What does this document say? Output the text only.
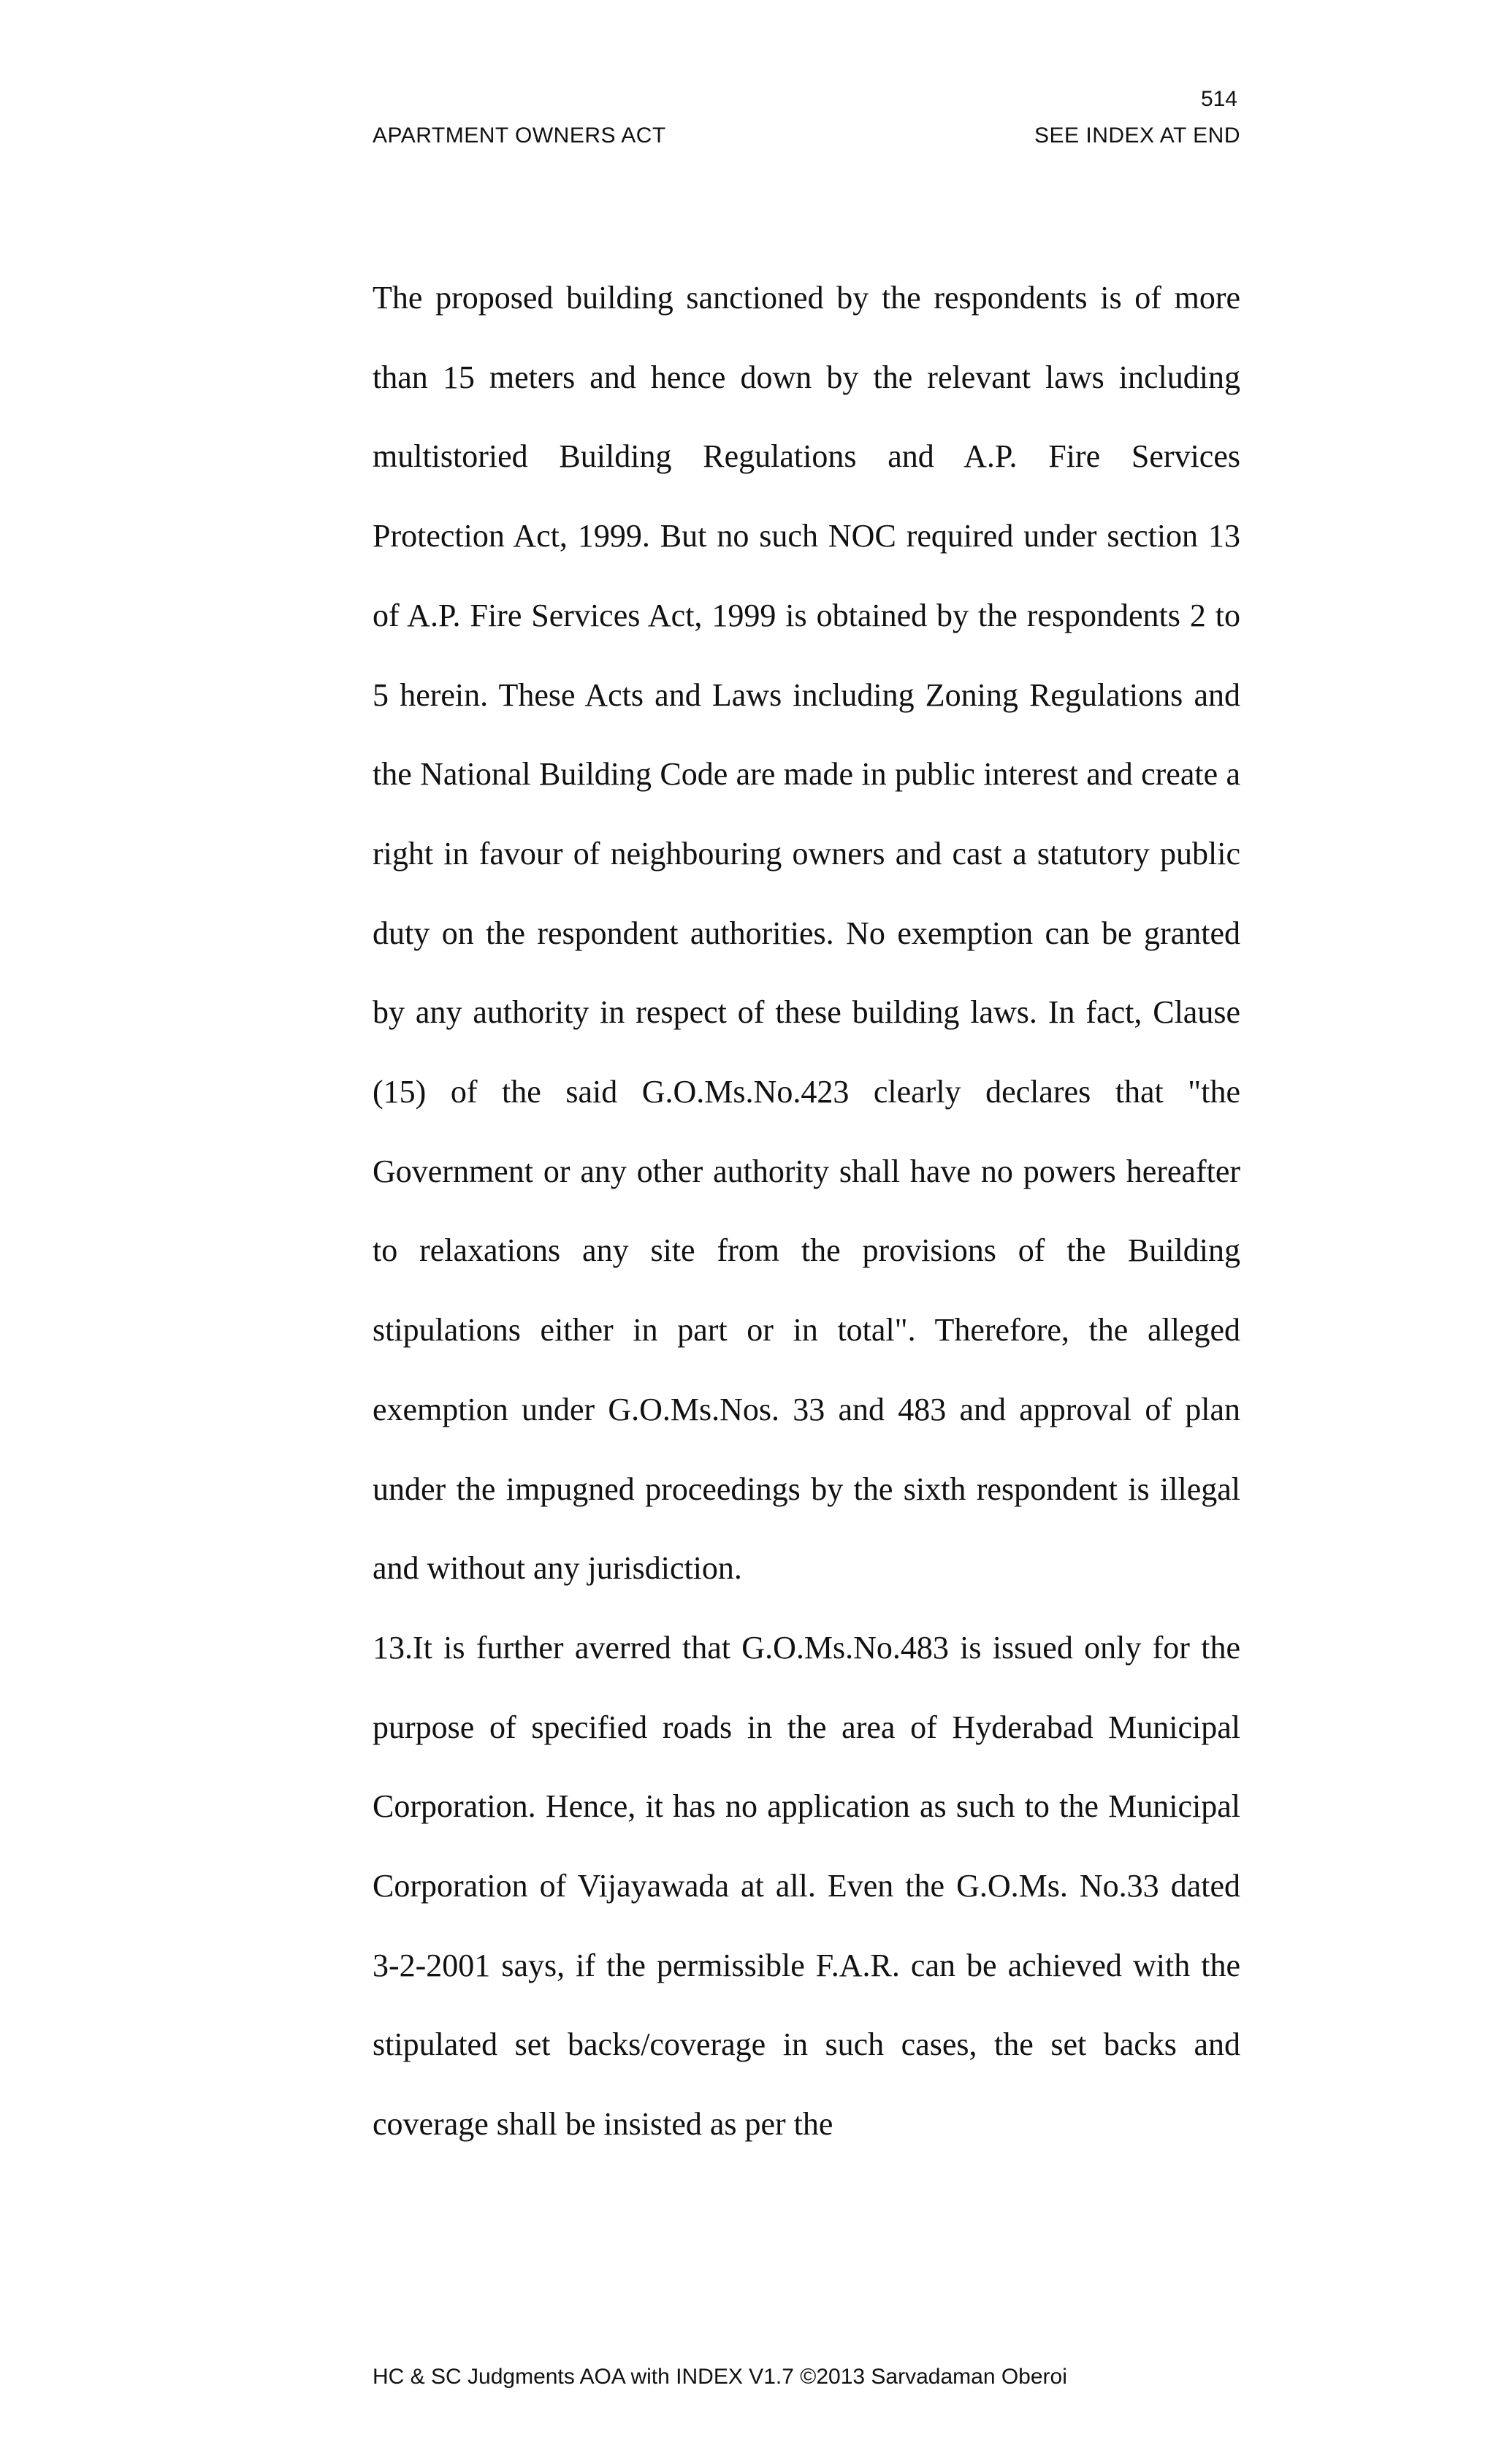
514
APARTMENT OWNERS ACT	SEE INDEX AT END

The proposed building sanctioned by the respondents is of more than 15 meters and hence down by the relevant laws including multistoried Building Regulations and A.P. Fire Services Protection Act, 1999. But no such NOC required under section 13 of A.P. Fire Services Act, 1999 is obtained by the respondents 2 to 5 herein. These Acts and Laws including Zoning Regulations and the National Building Code are made in public interest and create a right in favour of neighbouring owners and cast a statutory public duty on the respondent authorities. No exemption can be granted by any authority in respect of these building laws. In fact, Clause (15) of the said G.O.Ms.No.423 clearly declares that "the Government or any other authority shall have no powers hereafter to relaxations any site from the provisions of the Building stipulations either in part or in total". Therefore, the alleged exemption under G.O.Ms.Nos. 33 and 483 and approval of plan under the impugned proceedings by the sixth respondent is illegal and without any jurisdiction.

13.It is further averred that G.O.Ms.No.483 is issued only for the purpose of specified roads in the area of Hyderabad Municipal Corporation. Hence, it has no application as such to the Municipal Corporation of Vijayawada at all. Even the G.O.Ms. No.33 dated 3-2-2001 says, if the permissible F.A.R. can be achieved with the stipulated set backs/coverage in such cases, the set backs and coverage shall be insisted as per the

HC & SC Judgments AOA with INDEX V1.7 ©2013 Sarvadaman Oberoi
